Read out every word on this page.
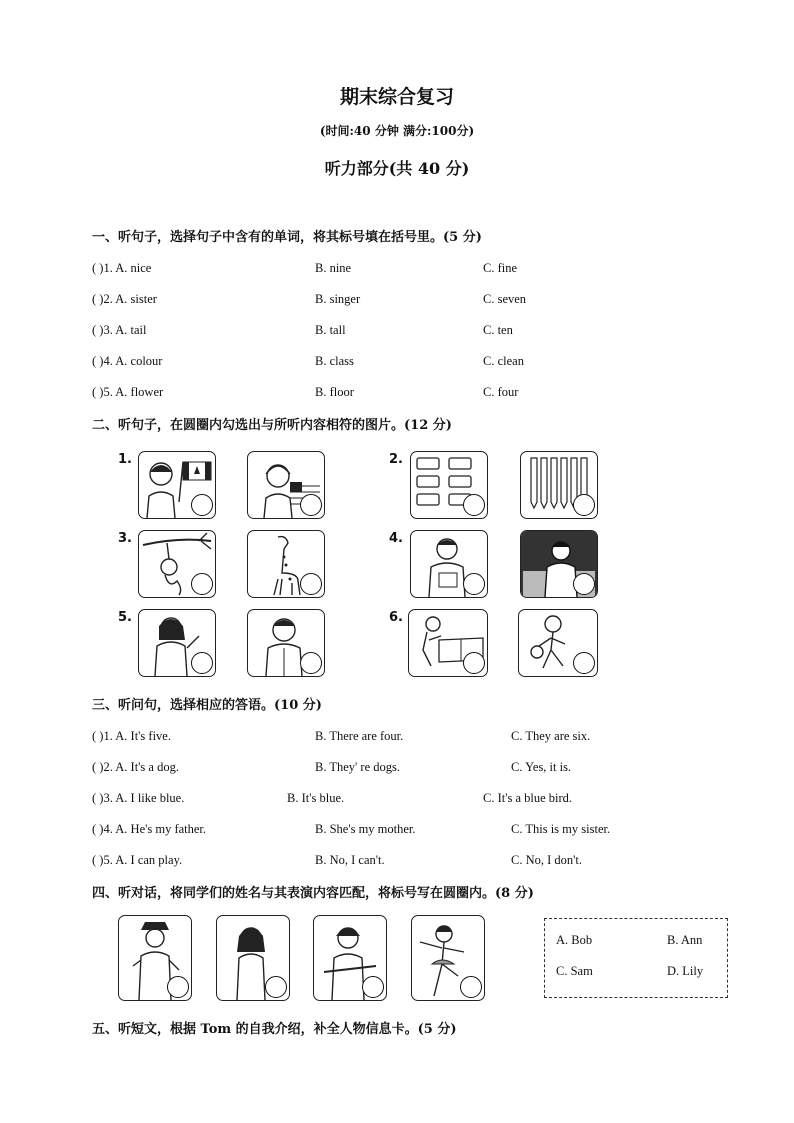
期末综合复习
(时间:40 分钟 满分:100分)
听力部分(共 40 分)
一、听句子，选择句子中含有的单词，将其标号填在括号里。(5 分)
( )1. A. nice	B. nine	C. fine
( )2. A. sister	B. singer	C. seven
( )3. A. tail	B. tall	C. ten
( )4. A. colour	B. class	C. clean
( )5. A. flower	B. floor	C. four
二、听句子，在圆圈内勾选出与所听内容相符的图片。(12 分)
1.	2.
3.	4.
5.	6.
三、听问句，选择相应的答语。(10 分)
( )1. A. It's five.	B. There are four.	C. They are six.
( )2. A. It's a dog.	B. They' re dogs.	C. Yes, it is.
( )3. A. I like blue.	B. It's blue.	C. It's a blue bird.
( )4. A. He's my father.	B. She's my mother.	C. This is my sister.
( )5. A. I can play.	B. No, I can't.	C. No, I don't.
四、听对话，将同学们的姓名与其表演内容匹配，将标号写在圆圈内。(8 分)
A. Bob	B. Ann
C. Sam	D. Lily
五、听短文，根据 Tom 的自我介绍，补全人物信息卡。(5 分)
